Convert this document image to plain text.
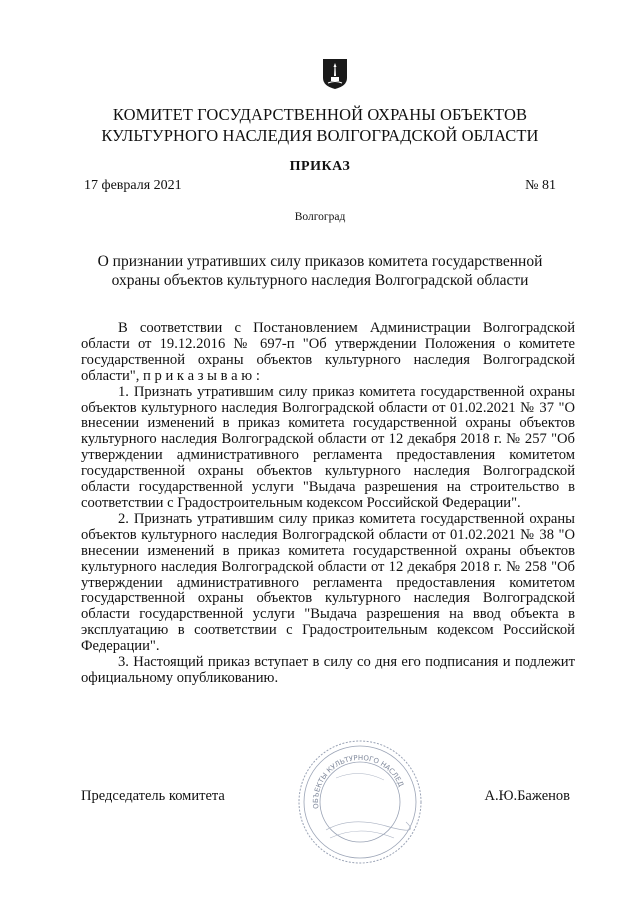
КОМИТЕТ ГОСУДАРСТВЕННОЙ ОХРАНЫ ОБЪЕКТОВ
КУЛЬТУРНОГО НАСЛЕДИЯ ВОЛГОГРАДСКОЙ ОБЛАСТИ
ПРИКАЗ
17 февраля 2021	№ 81
Волгоград
О признании утративших силу приказов комитета государственной охраны объектов культурного наследия Волгоградской области

В соответствии с Постановлением Администрации Волгоградской области от 19.12.2016 № 697-п "Об утверждении Положения о комитете государственной охраны объектов культурного наследия Волгоградской области", п р и к а з ы в а ю :

1. Признать утратившим силу приказ комитета государственной охраны объектов культурного наследия Волгоградской области от 01.02.2021 № 37 "О внесении изменений в приказ комитета государственной охраны объектов культурного наследия Волгоградской области от 12 декабря 2018 г. № 257 "Об утверждении административного регламента предоставления комитетом государственной охраны объектов культурного наследия Волгоградской области государственной услуги "Выдача разрешения на строительство в соответствии с Градостроительным кодексом Российской Федерации".

2. Признать утратившим силу приказ комитета государственной охраны объектов культурного наследия Волгоградской области от 01.02.2021 № 38 "О внесении изменений в приказ комитета государственной охраны объектов культурного наследия Волгоградской области от 12 декабря 2018 г. № 258 "Об утверждении административного регламента предоставления комитетом государственной охраны объектов культурного наследия Волгоградской области государственной услуги "Выдача разрешения на ввод объекта в эксплуатацию в соответствии с Градостроительным кодексом Российской Федерации".

3. Настоящий приказ вступает в силу со дня его подписания и подлежит официальному опубликованию.

ОБЪЕКТЫ КУЛЬТУРНОГО НАСЛЕДИЯ
Председатель комитета	А.Ю.Баженов
